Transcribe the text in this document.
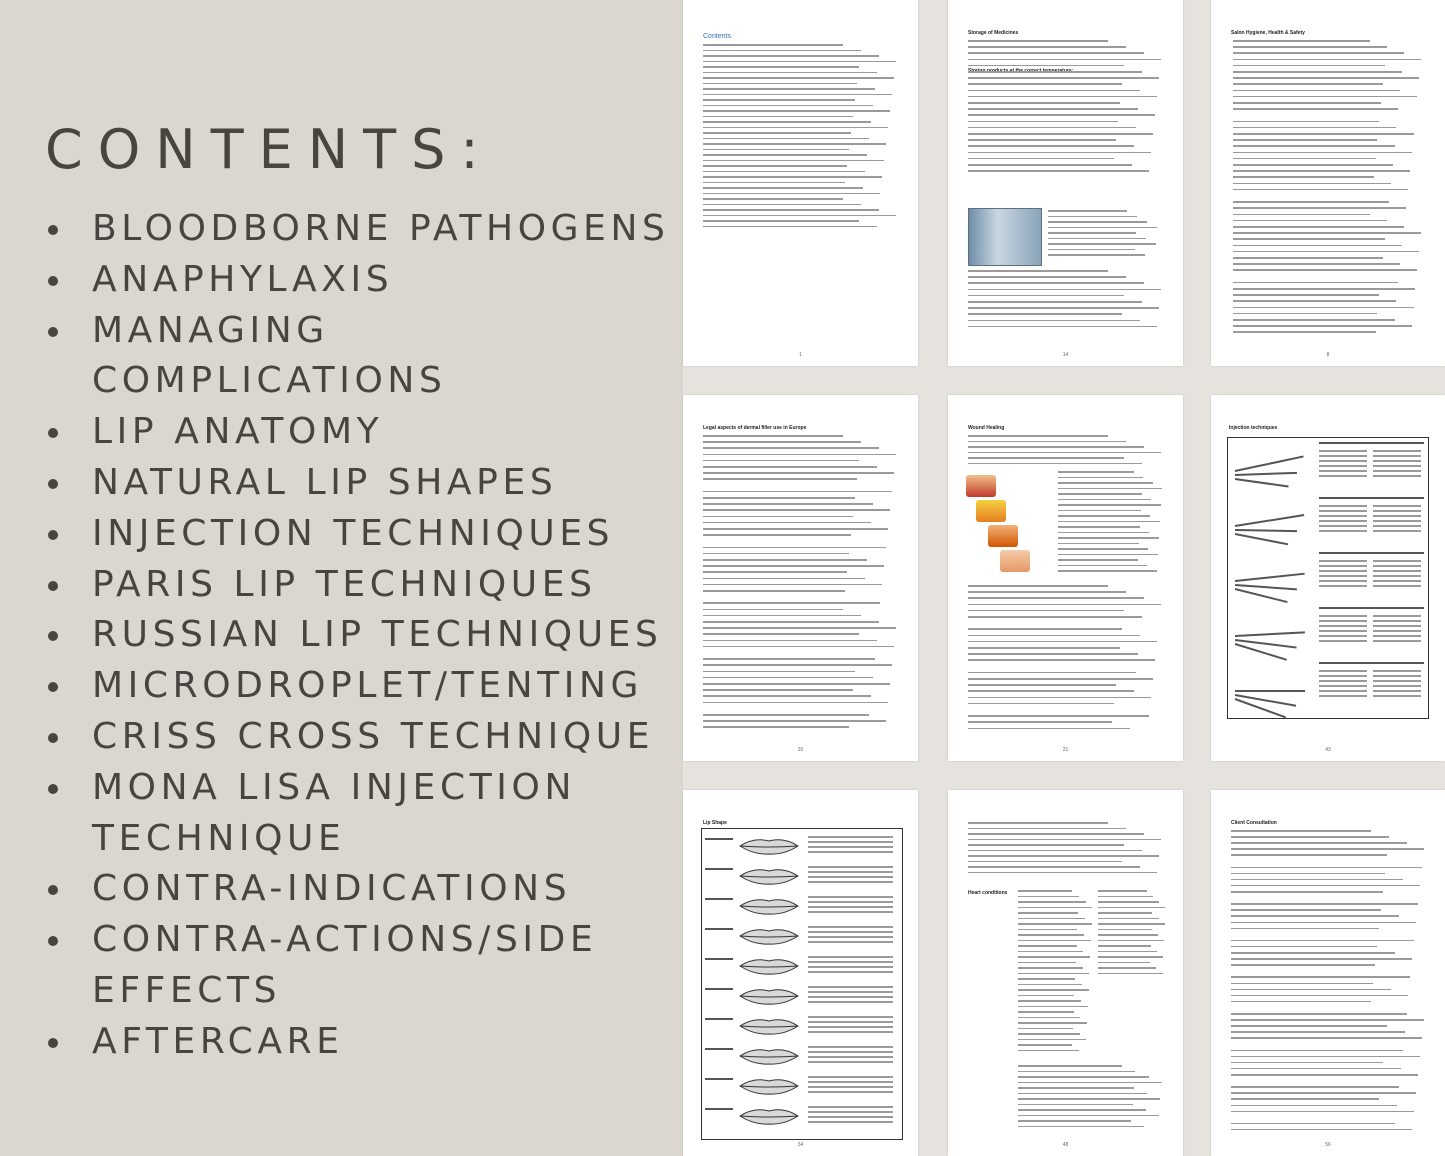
CONTENTS:
BLOODBORNE PATHOGENS
ANAPHYLAXIS
MANAGING COMPLICATIONS
LIP ANATOMY
NATURAL LIP SHAPES
INJECTION TECHNIQUES
PARIS LIP TECHNIQUES
RUSSIAN LIP TECHNIQUES
MICRODROPLET/TENTING
CRISS CROSS TECHNIQUE
MONA LISA INJECTION TECHNIQUE
CONTRA-INDICATIONS
CONTRA-ACTIONS/SIDE EFFECTS
AFTERCARE
Contents
1
Storage of Medicines
14
Salon Hygiene, Health & Safety
8
Legal aspects of dermal filler use in Europe
20
Wound Healing
21
Injection techniques
43
Lip Shape
34
Heart conditions
48
Client Consultation
56
